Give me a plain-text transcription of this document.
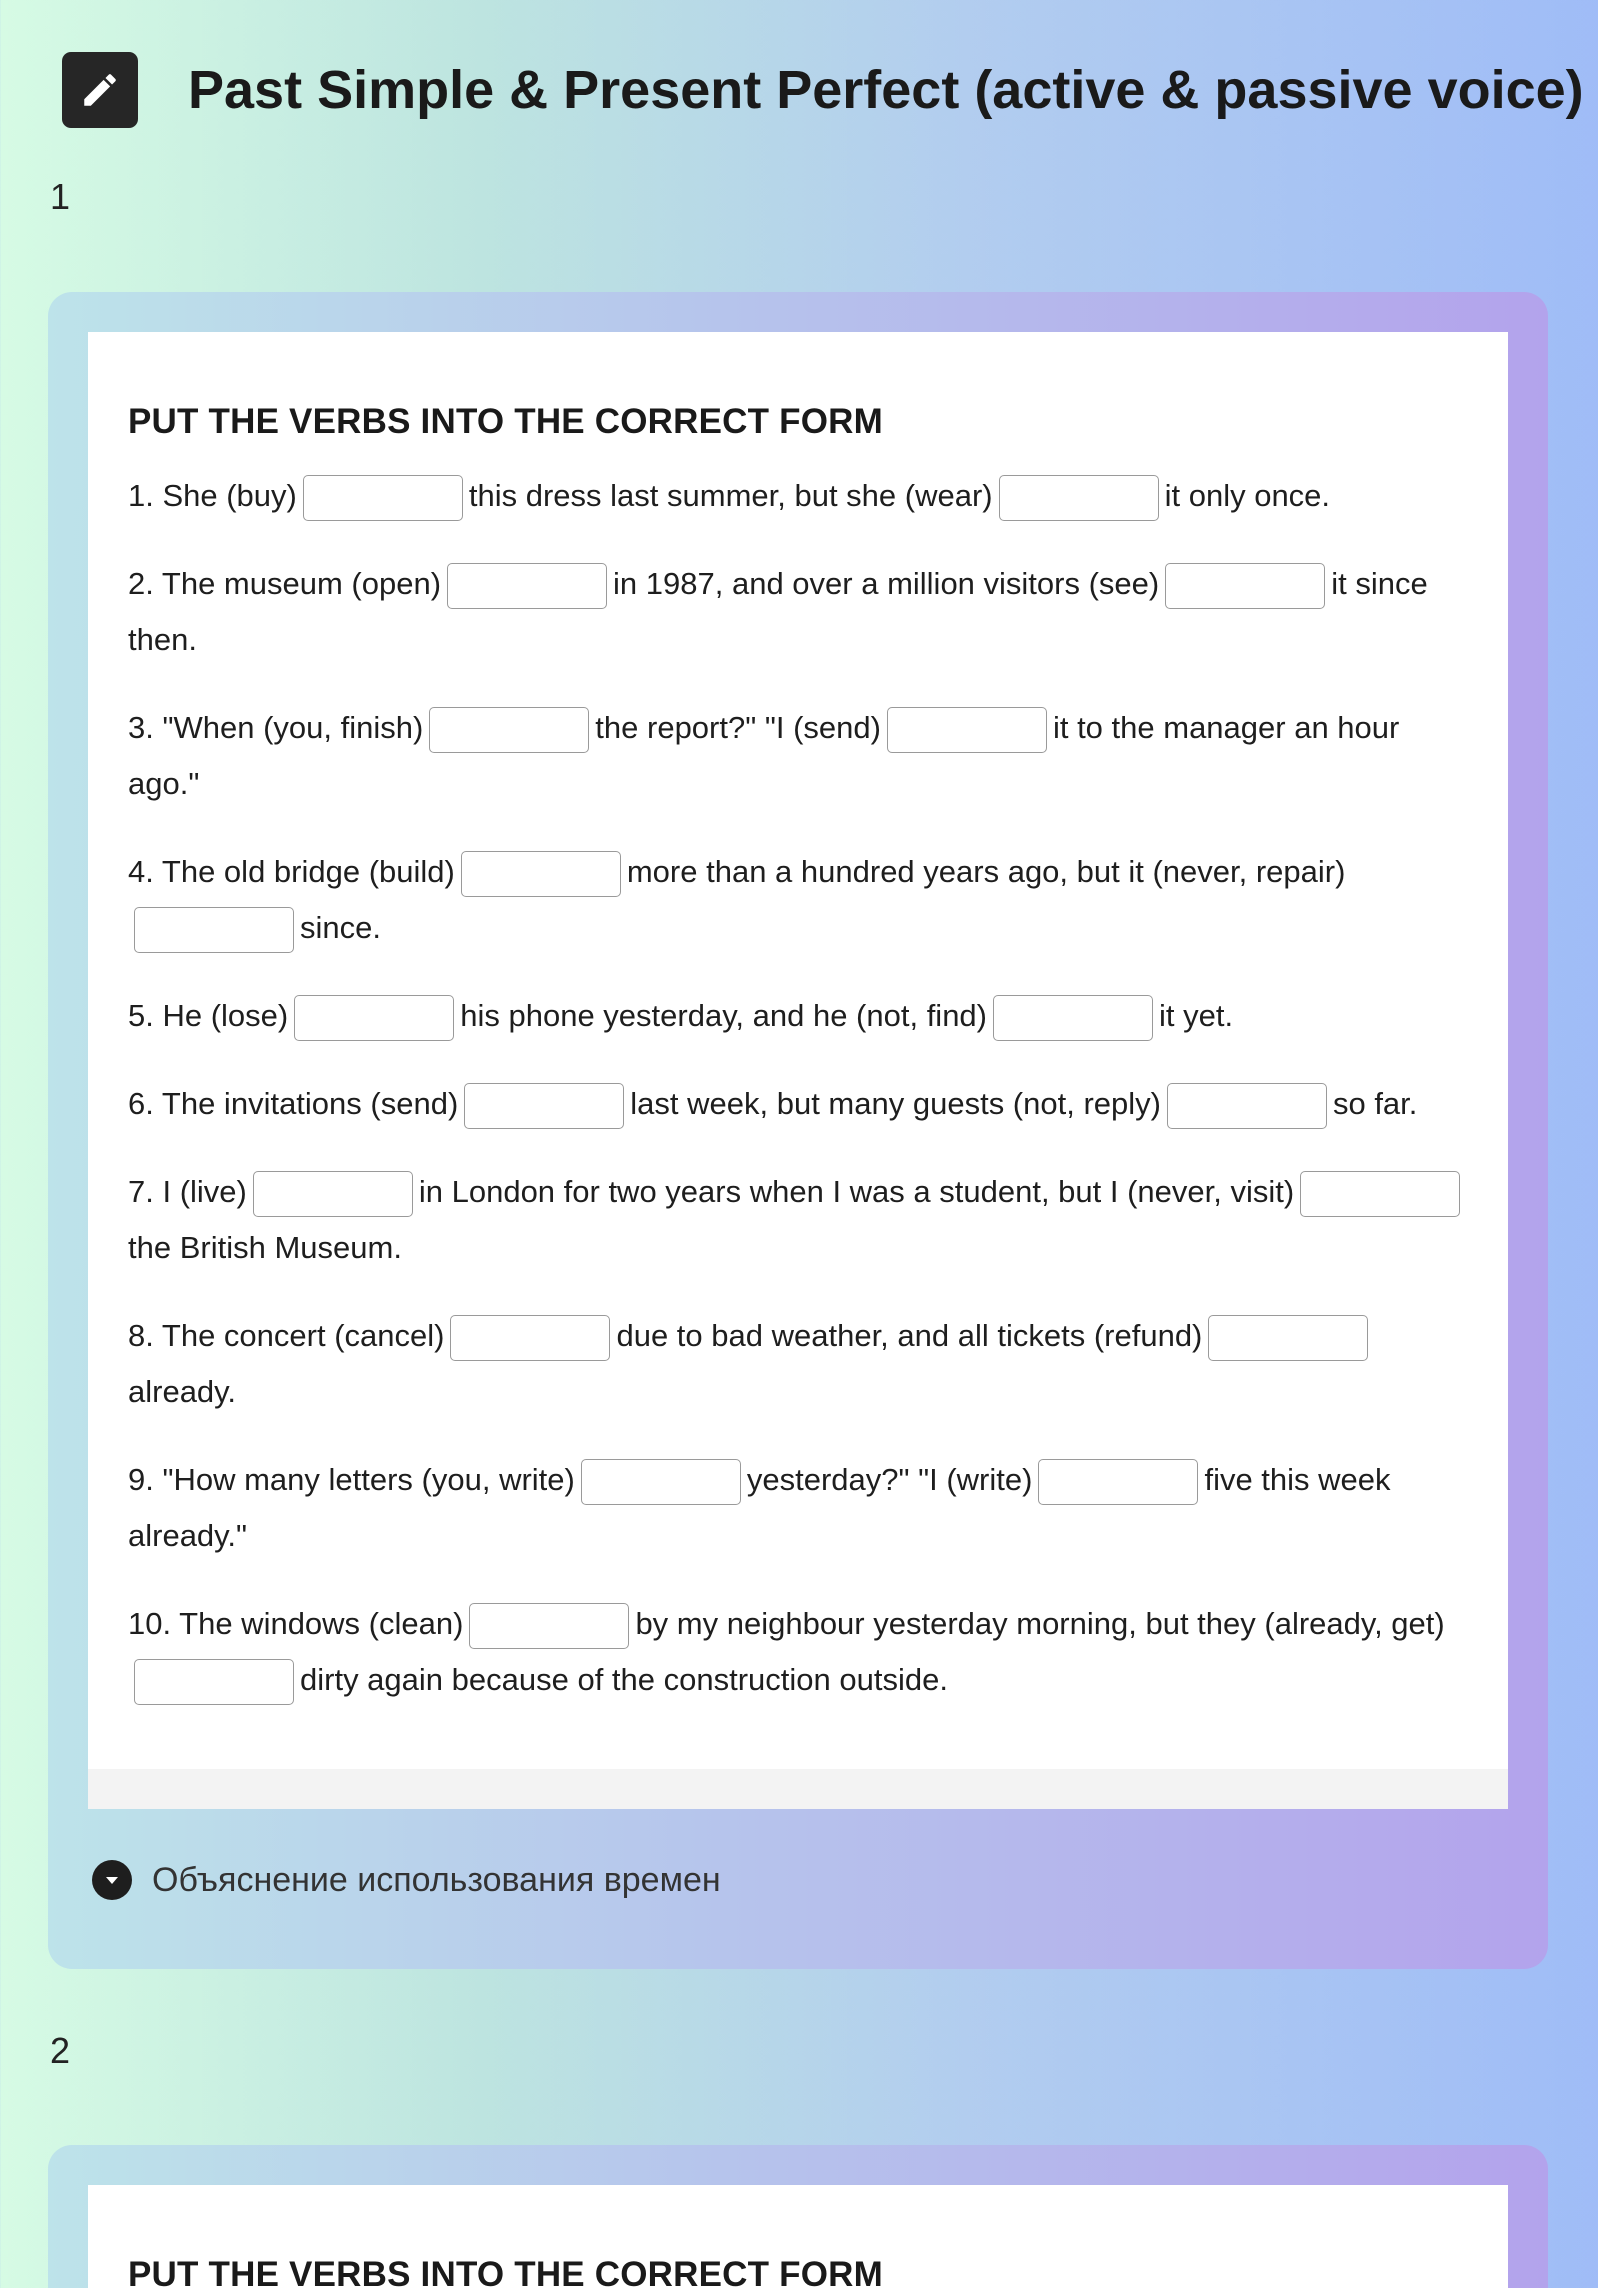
Past Simple & Present Perfect (active & passive voice)
1
PUT THE VERBS INTO THE CORRECT FORM

1. She (buy)	this dress last summer, but she (wear)	it only once.

2. The museum (open)	in 1987, and over a million visitors (see)	it since then.

3. "When (you, finish)	the report?" "I (send)	it to the manager an hour ago."

4. The old bridge (build)	more than a hundred years ago, but it (never, repair)since.

5. He (lose)	his phone yesterday, and he (not, find)	it yet.

6. The invitations (send)	last week, but many guests (not, reply)	so far.

7. I (live)	in London for two years when I was a student, but I (never, visit)the British Museum.

8. The concert (cancel)	due to bad weather, and all tickets (refund)already.

9. "How many letters (you, write)	yesterday?" "I (write)	five this week already."

10. The windows (clean)	by my neighbour yesterday morning, but they (already, get)dirty again because of the construction outside.

Объяснение использования времен
2
PUT THE VERBS INTO THE CORRECT FORM
